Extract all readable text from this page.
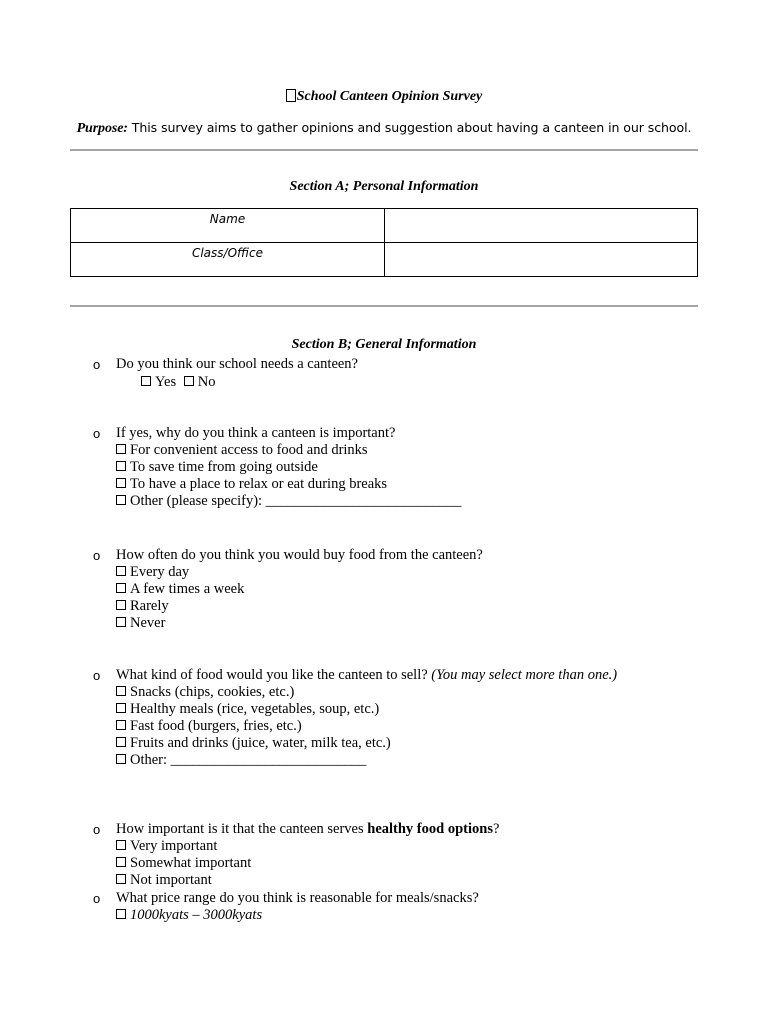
School Canteen Opinion Survey
Purpose: This survey aims to gather opinions and suggestion about having a canteen in our school.
Section A; Personal Information
Name	
Class/Office	
Section B; General Information
o Do you think our school needs a canteen?
Yes No
o If yes, why do you think a canteen is important?
For convenient access to food and drinks
To save time from going outside
To have a place to relax or eat during breaks
Other (please specify): ___________________________
o How often do you think you would buy food from the canteen?
Every day
A few times a week
Rarely
Never
o What kind of food would you like the canteen to sell? (You may select more than one.)
Snacks (chips, cookies, etc.)
Healthy meals (rice, vegetables, soup, etc.)
Fast food (burgers, fries, etc.)
Fruits and drinks (juice, water, milk tea, etc.)
Other: ___________________________
o How important is it that the canteen serves healthy food options?
Very important
Somewhat important
Not important
o What price range do you think is reasonable for meals/snacks?
1000kyats – 3000kyats
